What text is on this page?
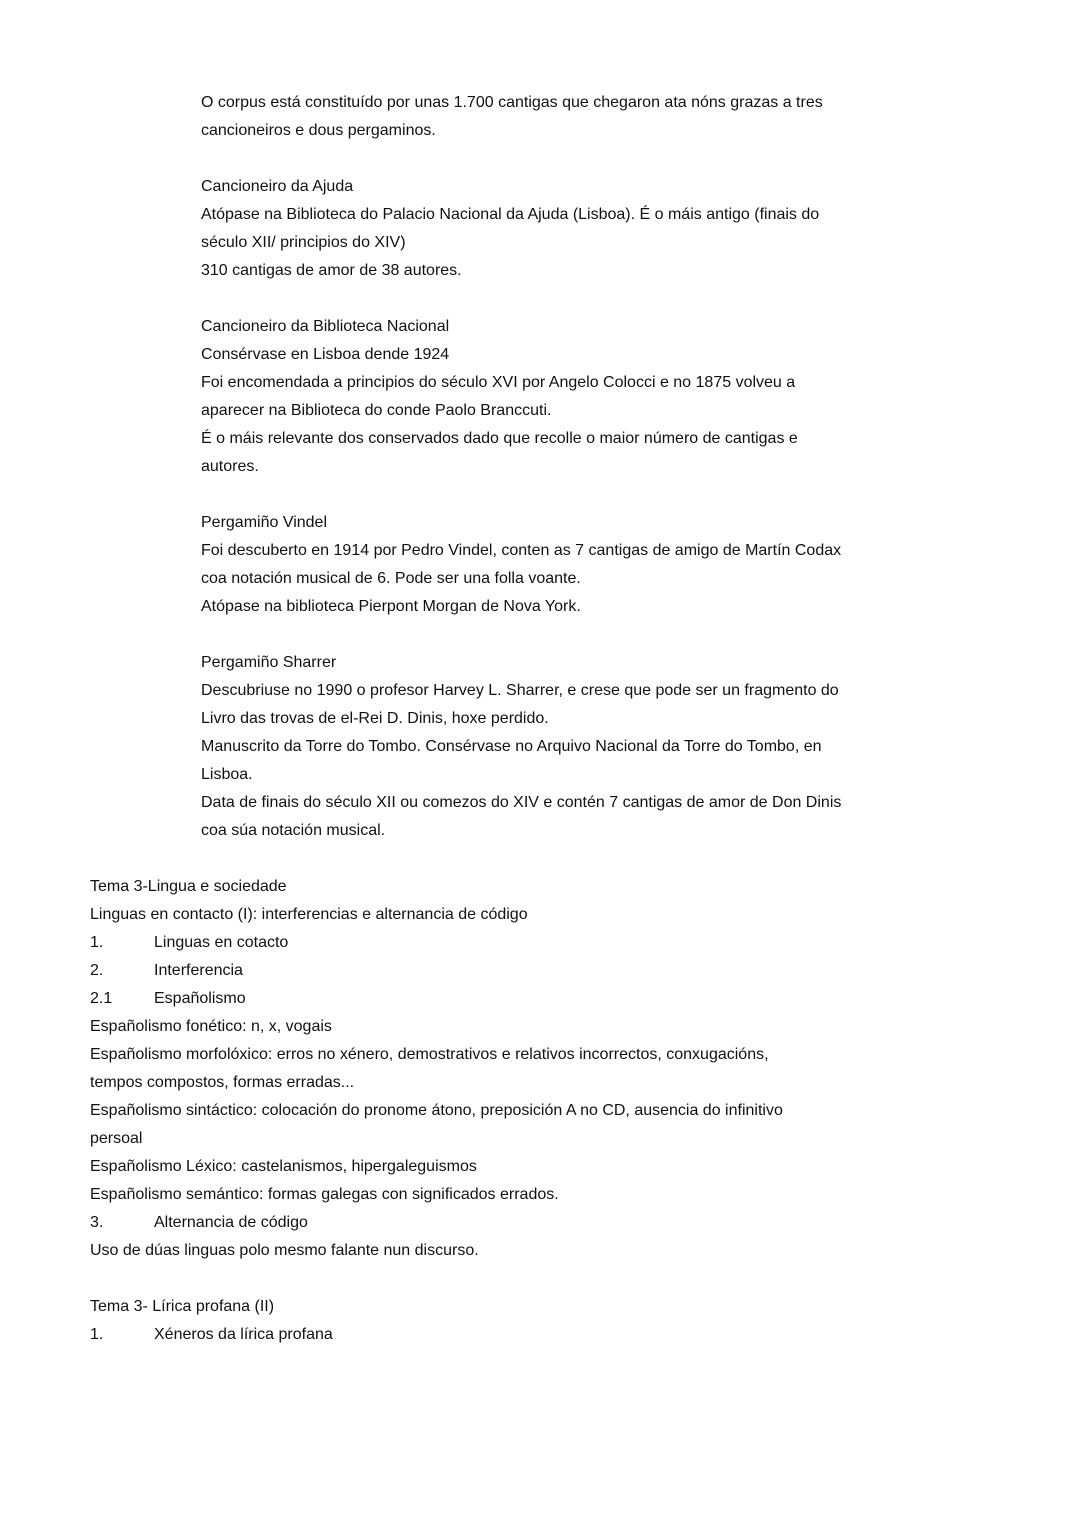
O corpus está constituído por unas 1.700 cantigas que chegaron ata nóns grazas a tres
cancioneiros e dous pergaminos.
Cancioneiro da Ajuda
Atópase na Biblioteca do Palacio Nacional da Ajuda (Lisboa). É o máis antigo (finais do
século XII/ principios do XIV)
310 cantigas de amor de 38 autores.
Cancioneiro da Biblioteca Nacional
Consérvase en Lisboa dende 1924
Foi encomendada a principios do século XVI por Angelo Colocci e no 1875 volveu a
aparecer na Biblioteca do conde Paolo Branccuti.
É o máis relevante dos conservados dado que recolle o maior número de cantigas e
autores.
Pergamiño Vindel
Foi descuberto en 1914 por Pedro Vindel, conten as 7 cantigas de amigo de Martín Codax
coa notación musical de 6. Pode ser una folla voante.
Atópase na biblioteca Pierpont Morgan de Nova York.
Pergamiño Sharrer
Descubriuse no 1990 o profesor Harvey L. Sharrer, e crese que pode ser un fragmento do
Livro das trovas de el-Rei D. Dinis, hoxe perdido.
Manuscrito da Torre do Tombo. Consérvase no Arquivo Nacional da Torre do Tombo, en
Lisboa.
Data de finais do século XII ou comezos do XIV e contén 7 cantigas de amor de Don Dinis
coa súa notación musical.
Tema 3-Lingua e sociedade
Linguas en contacto (I): interferencias e alternancia de código
1.	Linguas en cotacto
2.	Interferencia
2.1	Españolismo
Españolismo fonético: n, x, vogais
Españolismo morfolóxico: erros no xénero, demostrativos e relativos incorrectos, conxugacións,
tempos compostos, formas erradas...
Españolismo sintáctico: colocación do pronome átono, preposición A no CD, ausencia do infinitivo
persoal
Españolismo Léxico: castelanismos, hipergaleguismos
Españolismo semántico: formas galegas con significados errados.
3.	Alternancia de código
Uso de dúas linguas polo mesmo falante nun discurso.
Tema 3- Lírica profana (II)
1.	Xéneros da lírica profana
